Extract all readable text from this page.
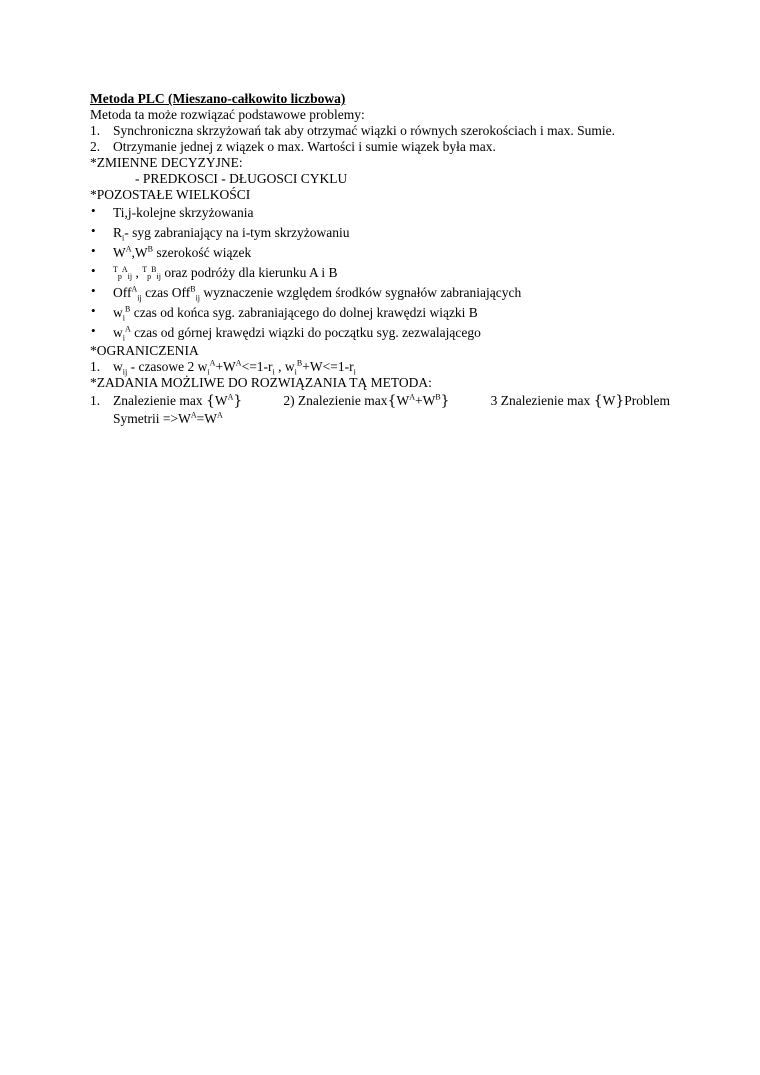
Metoda PLC (Mieszano-całkowito liczbowa)
Metoda ta może rozwiązać podstawowe problemy:
1. Synchroniczna skrzyżowań tak aby otrzymać wiązki o równych szerokościach i max. Sumie.
2. Otrzymanie jednej z wiązek o max. Wartości i sumie wiązek była max.
*ZMIENNE DECYZYJNE:
- PREDKOSCI - DŁUGOSCI CYKLU
*POZOSTAŁE WIELKOŚCI
• Ti,j-kolejne skrzyżowania
• $R_i-$ syg zabraniający na i-tym skrzyżowaniu
• $W^A,W^B$ szerokość wiązek
• $^Tp^Aij$ , $^Tp^Bij$ oraz podróży dla kierunku A i B
• Off$^A_{ij}$ czas Off$^B_{ij}$ wyznaczenie względem środków sygnałów zabraniających
• $w_i^B$ czas od końca syg. zabraniającego do dolnej krawędzi wiązki B
• $w_i^A$ czas od górnej krawędzi wiązki do początku syg. zezwalającego
*OGRANICZENIA
1. $w_{ij}$ - czasowe 2 $w_i^A+W^A<=1-r_i$ , $w_i^B+W<=1-r_i$
*ZADANIA MOŻLIWE DO ROZWIĄZANIA TĄ METODA:
1. Znalezienie $\max \{W^A\}$	2) Znalezienie $\max\{W^A+W^B\}$	3 Znalezienie max {W}Problem
Symetrii $=>W^A=W^A$
